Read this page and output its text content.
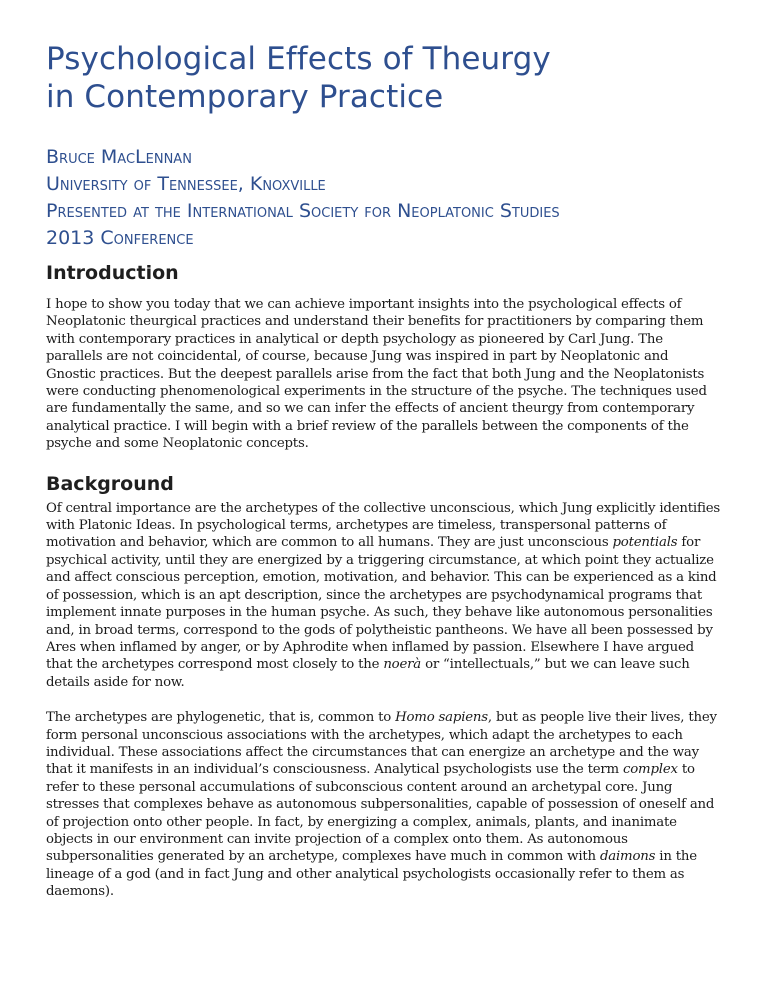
Psychological Effects of Theurgy
in Contemporary Practice
Bruce MacLennan
University of Tennessee, Knoxville
Presented at the International Society for Neoplatonic Studies
2013 Conference
Introduction

I hope to show you today that we can achieve important insights into the psychological effects of Neoplatonic theurgical practices and understand their benefits for practitioners by comparing them with contemporary practices in analytical or depth psychology as pioneered by Carl Jung. The parallels are not coincidental, of course, because Jung was inspired in part by Neoplatonic and Gnostic practices. But the deepest parallels arise from the fact that both Jung and the Neoplatonists were conducting phenomenological experiments in the structure of the psyche. The techniques used are fundamentally the same, and so we can infer the effects of ancient theurgy from contemporary analytical practice. I will begin with a brief review of the parallels between the components of the psyche and some Neoplatonic concepts.

Background

Of central importance are the archetypes of the collective unconscious, which Jung explicitly identifies with Platonic Ideas. In psychological terms, archetypes are timeless, transpersonal patterns of motivation and behavior, which are common to all humans. They are just unconscious potentials for psychical activity, until they are energized by a triggering circumstance, at which point they actualize and affect conscious perception, emotion, motivation, and behavior. This can be experienced as a kind of possession, which is an apt description, since the archetypes are psychodynamical programs that implement innate purposes in the human psyche. As such, they behave like autonomous personalities and, in broad terms, correspond to the gods of polytheistic pantheons. We have all been possessed by Ares when inflamed by anger, or by Aphrodite when inflamed by passion. Elsewhere I have argued that the archetypes correspond most closely to the noerà or “intellectuals,” but we can leave such details aside for now.

The archetypes are phylogenetic, that is, common to Homo sapiens, but as people live their lives, they form personal unconscious associations with the archetypes, which adapt the archetypes to each individual. These associations affect the circumstances that can energize an archetype and the way that it manifests in an individual’s consciousness. Analytical psychologists use the term complex to refer to these personal accumulations of subconscious content around an archetypal core. Jung stresses that complexes behave as autonomous subpersonalities, capable of possession of oneself and of projection onto other people. In fact, by energizing a complex, animals, plants, and inanimate objects in our environment can invite projection of a complex onto them. As autonomous subpersonalities generated by an archetype, complexes have much in common with daimons in the lineage of a god (and in fact Jung and other analytical psychologists occasionally refer to them as daemons).
